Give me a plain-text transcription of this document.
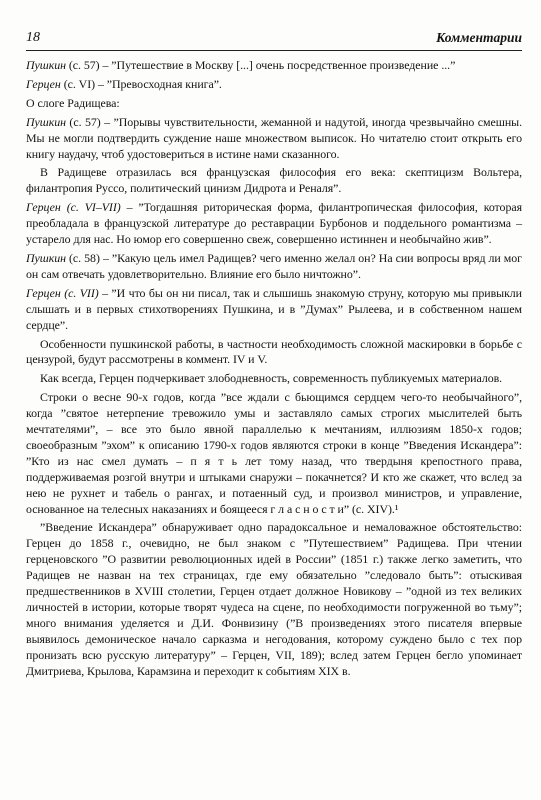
18	Комментарии

Пушкин (с. 57) – ”Путешествие в Москву [...] очень посредственное произведение ...”

Герцен (с. VI) – ”Превосходная книга”.

О слоге Радищева:

Пушкин (с. 57) – ”Порывы чувствительности, жеманной и надутой, иногда чрезвычайно смешны. Мы не могли подтвердить суждение наше множеством выписок. Но читателю стоит открыть его книгу наудачу, чтоб удостовериться в истине нами сказанного.

В Радищеве отразилась вся французская философия его века: скептицизм Вольтера, филантропия Руссо, политический цинизм Дидрота и Реналя”.

Герцен (с. VI–VII) – ”Тогдашняя риторическая форма, филантропическая философия, которая преобладала в французской литературе до реставрации Бурбонов и поддельного романтизма – устарело для нас. Но юмор его совершенно свеж, совершенно истиннен и необычайно жив”.

Пушкин (с. 58) – ”Какую цель имел Радищев? чего именно желал он? На сии вопросы вряд ли мог он сам отвечать удовлетворительно. Влияние его было ничтожно”.

Герцен (с. VII) – ”И что бы он ни писал, так и слышишь знакомую струну, которую мы привыкли слышать и в первых стихотворениях Пушкина, и в ”Думах” Рылеева, и в собственном нашем сердце”.

Особенности пушкинской работы, в частности необходимость сложной маскировки в борьбе с цензурой, будут рассмотрены в коммент. IV и V.

Как всегда, Герцен подчеркивает злободневность, современность публикуемых материалов.

Строки о весне 90-х годов, когда ”все ждали с бьющимся сердцем чего-то необычайного”, когда ”святое нетерпение тревожило умы и заставляло самых строгих мыслителей быть мечтателями”, – все это было явной параллелью к мечтаниям, иллюзиям 1850-х годов; своеобразным ”эхом” к описанию 1790-х годов являются строки в конце ”Введения Искандера”: ”Кто из нас смел думать – п я т ь лет тому назад, что твердыня крепостного права, поддерживаемая розгой внутри и штыками снаружи – покачнется? И кто же скажет, что вслед за нею не рухнет и табель о рангах, и потаенный суд, и произвол министров, и управление, основанное на телесных наказаниях и боящееся г л а с н о с т и” (с. XIV).¹

”Введение Искандера” обнаруживает одно парадоксальное и немаловажное обстоятельство: Герцен до 1858 г., очевидно, не был знаком с ”Путешествием” Радищева. При чтении герценовского ”О развитии революционных идей в России” (1851 г.) также легко заметить, что Радищев не назван на тех страницах, где ему обязательно ”следовало быть”: отыскивая предшественников в XVIII столетии, Герцен отдает должное Новикову – ”одной из тех великих личностей в истории, которые творят чудеса на сцене, по необходимости погруженной во тьму”; много внимания уделяется и Д.И. Фонвизину (”В произведениях этого писателя впервые выявилось демоническое начало сарказма и негодования, которому суждено было с тех пор пронизать всю русскую литературу” – Герцен, VII, 189); вслед затем Герцен бегло упоминает Дмитриева, Крылова, Карамзина и переходит к событиям XIX в.
